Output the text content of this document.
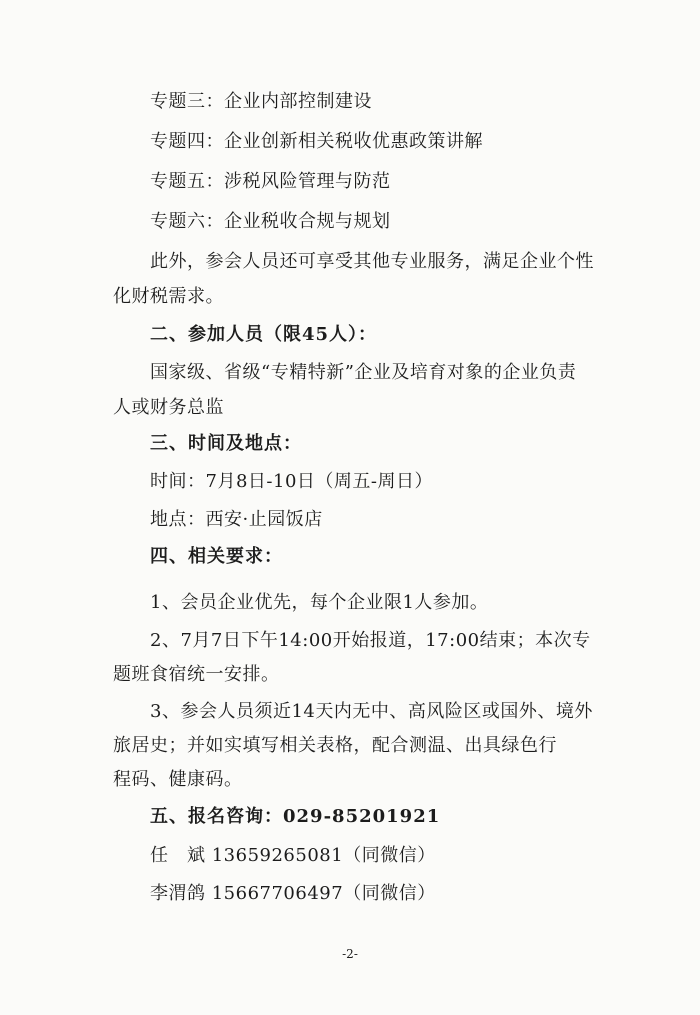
专题三：企业内部控制建设
专题四：企业创新相关税收优惠政策讲解
专题五：涉税风险管理与防范
专题六：企业税收合规与规划
此外，参会人员还可享受其他专业服务，满足企业个性
化财税需求。
二、参加人员（限45人）：
国家级、省级“专精特新”企业及培育对象的企业负责
人或财务总监
三、时间及地点：
时间：7月8日-10日（周五-周日）
地点：西安·止园饭店
四、相关要求：
1、会员企业优先，每个企业限1人参加。
2、7月7日下午14:00开始报道，17:00结束；本次专
题班食宿统一安排。
3、参会人员须近14天内无中、高风险区或国外、境外
旅居史；并如实填写相关表格，配合测温、出具绿色行
程码、健康码。
五、报名咨询：029-85201921
任　斌 13659265081（同微信）
李渭鸽 15667706497（同微信）
-2-
